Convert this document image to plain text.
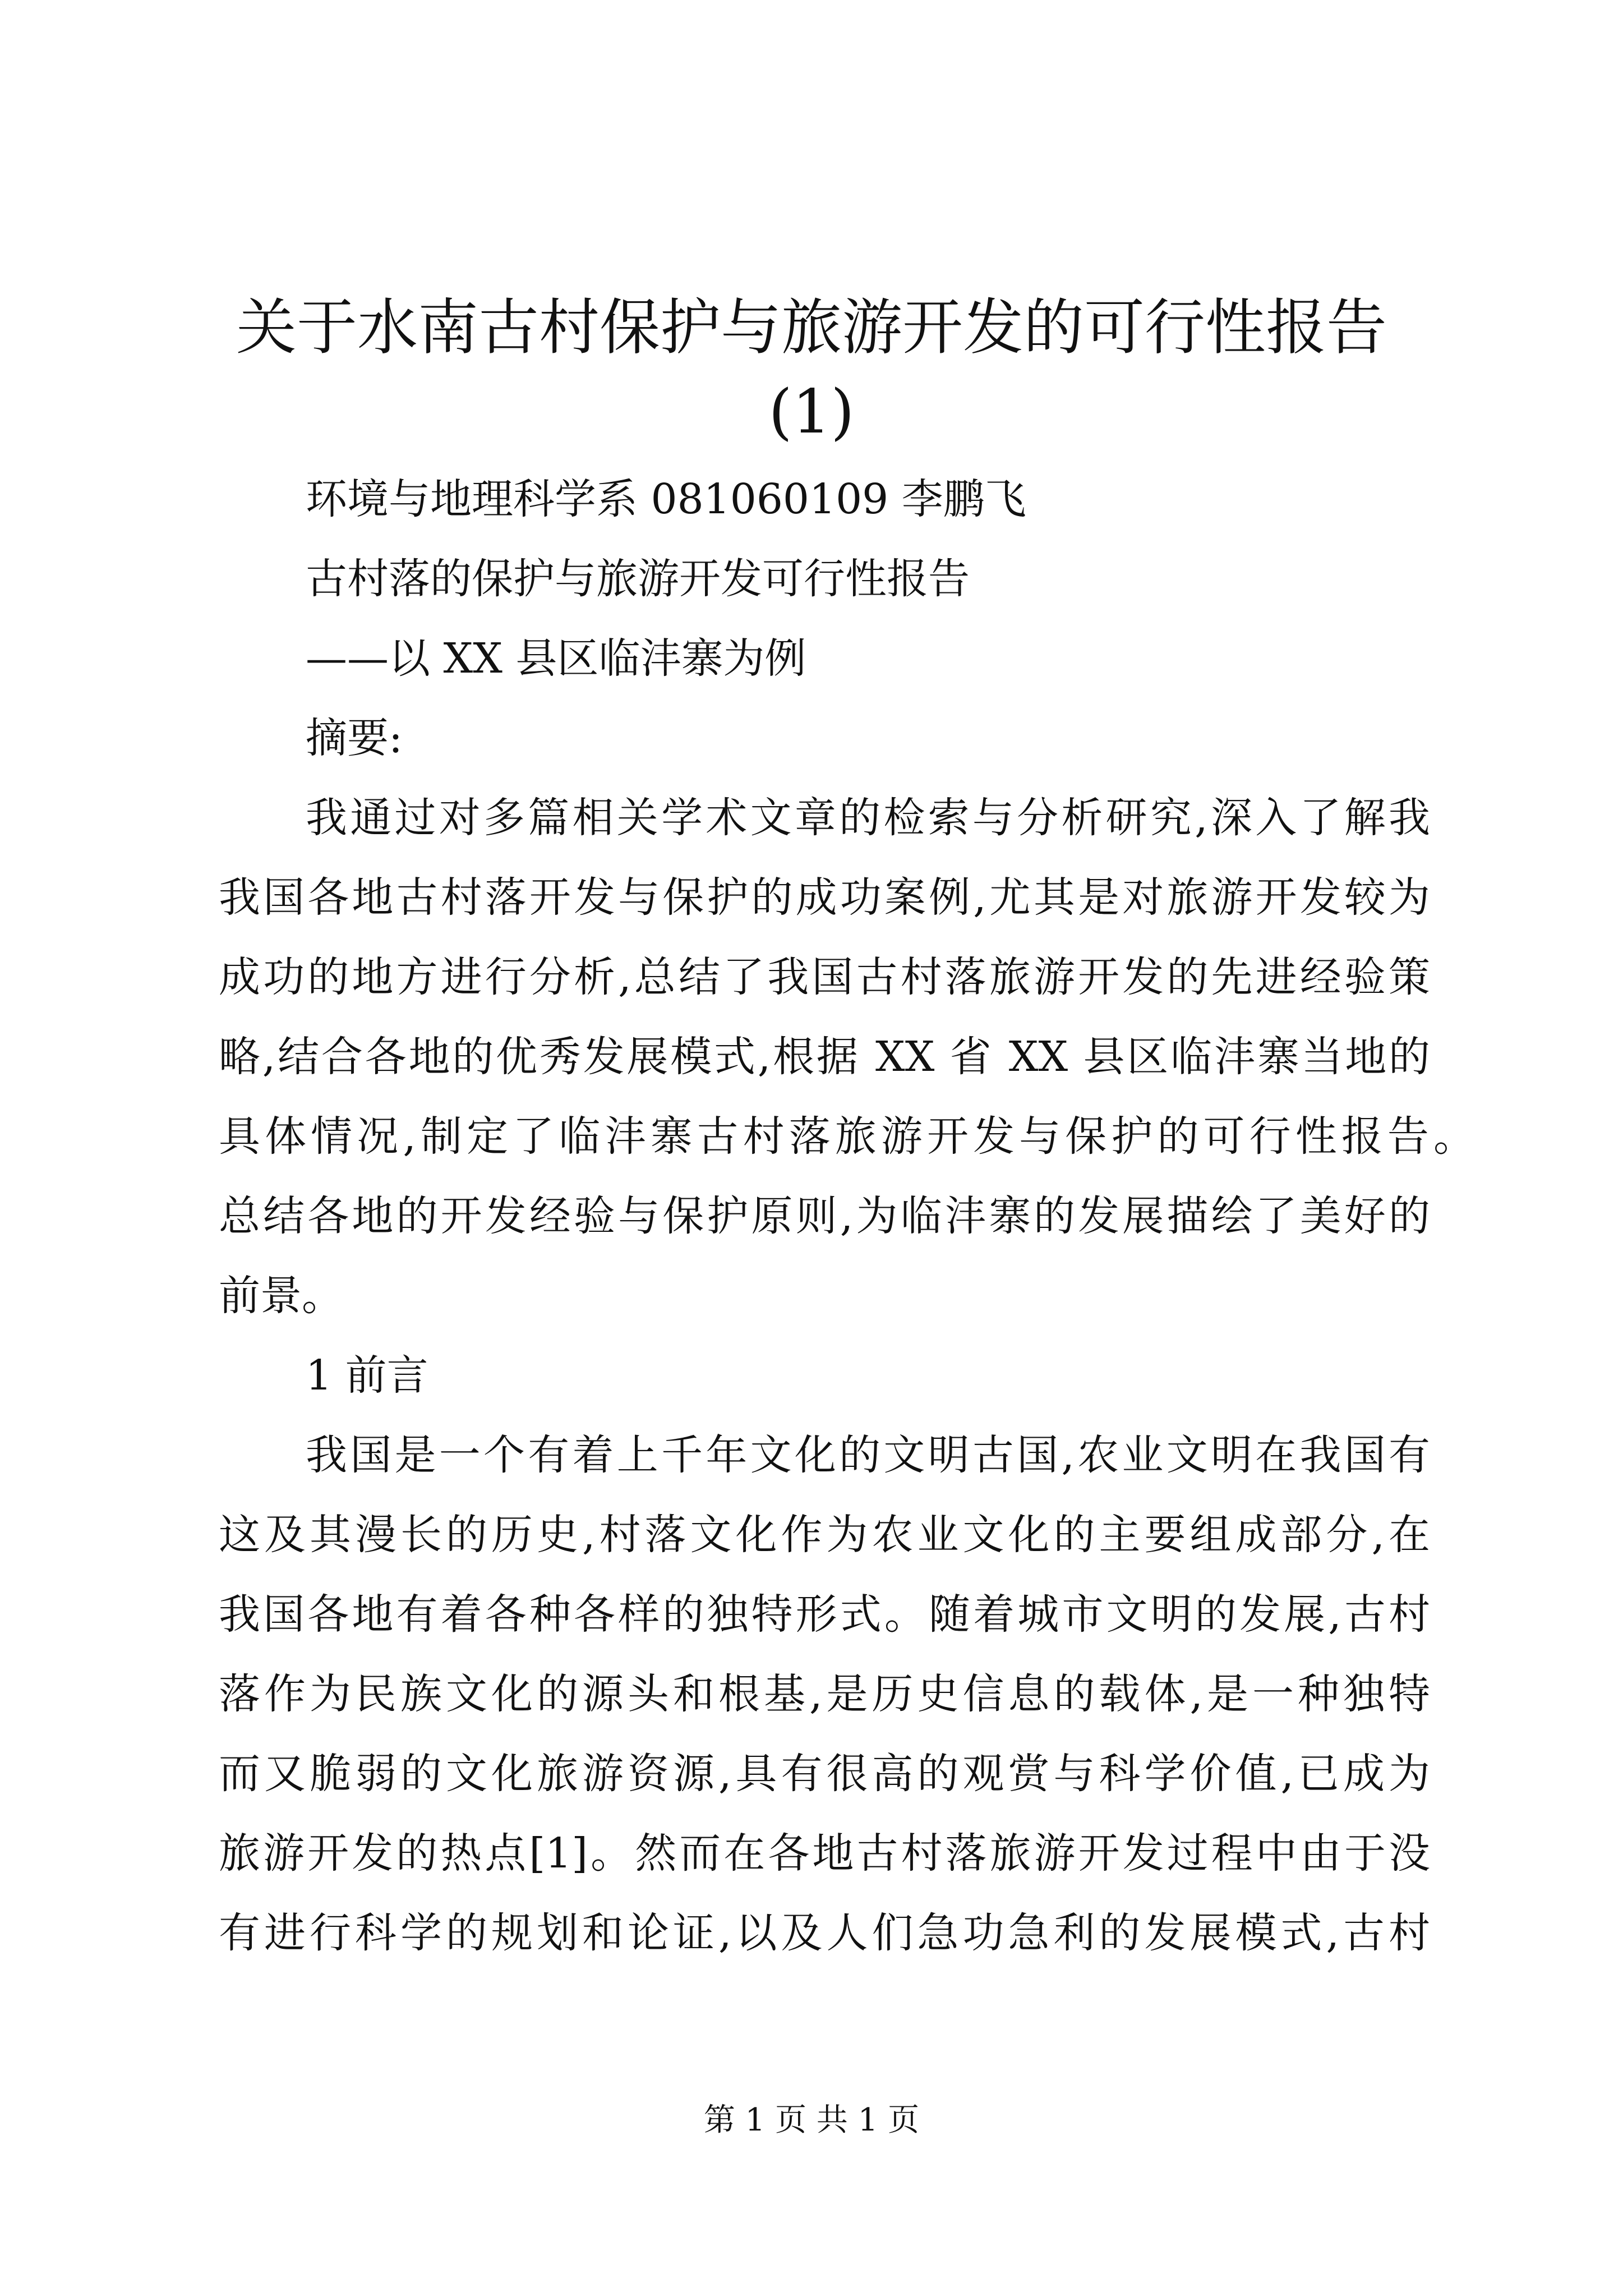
关于水南古村保护与旅游开发的可行性报告
(1)

环境与地理科学系 081060109 李鹏飞

古村落的保护与旅游开发可行性报告

——以 XX 县区临沣寨为例

摘要:

我通过对多篇相关学术文章的检索与分析研究,深入了解我

我国各地古村落开发与保护的成功案例,尤其是对旅游开发较为

成功的地方进行分析,总结了我国古村落旅游开发的先进经验策

略,结合各地的优秀发展模式,根据 XX 省 XX 县区临沣寨当地的

具体情况,制定了临沣寨古村落旅游开发与保护的可行性报告。

总结各地的开发经验与保护原则,为临沣寨的发展描绘了美好的

前景。

1 前言

我国是一个有着上千年文化的文明古国,农业文明在我国有

这及其漫长的历史,村落文化作为农业文化的主要组成部分,在

我国各地有着各种各样的独特形式。随着城市文明的发展,古村

落作为民族文化的源头和根基,是历史信息的载体,是一种独特

而又脆弱的文化旅游资源,具有很高的观赏与科学价值,已成为

旅游开发的热点[1]。然而在各地古村落旅游开发过程中由于没

有进行科学的规划和论证,以及人们急功急利的发展模式,古村

第 1 页 共 1 页
